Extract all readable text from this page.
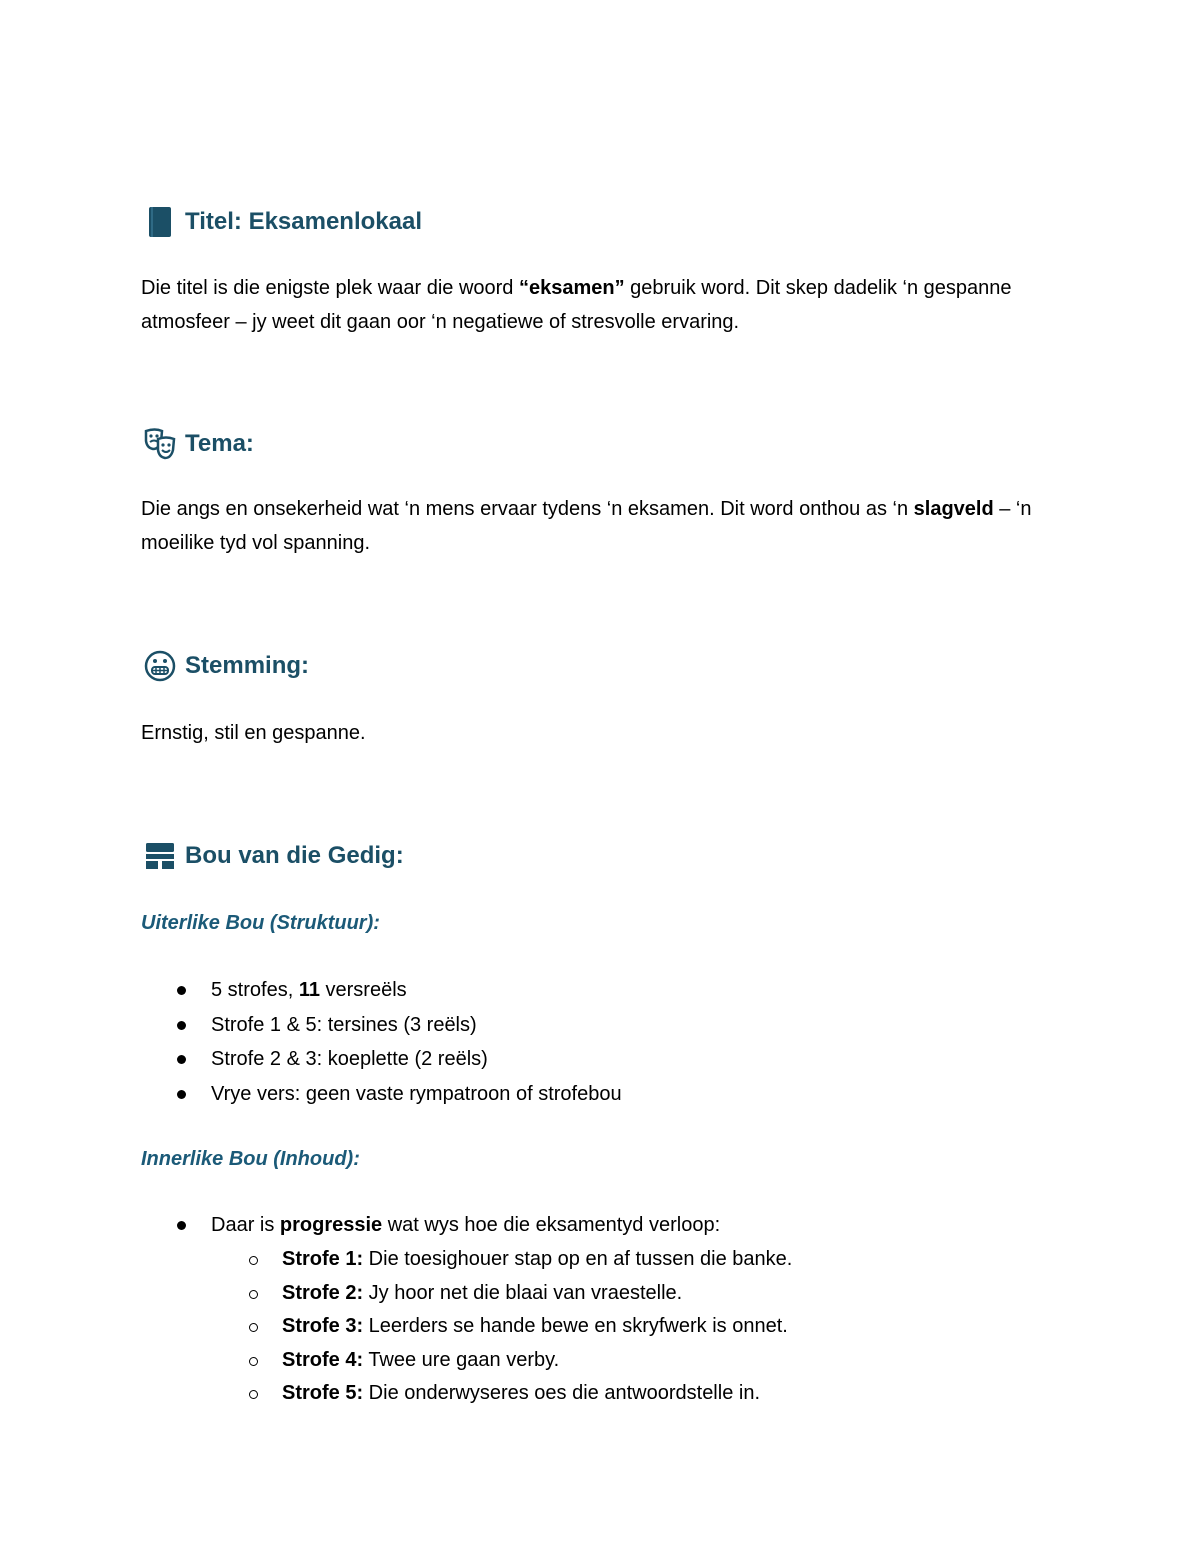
Titel: Eksamenlokaal
Die titel is die enigste plek waar die woord “eksamen” gebruik word. Dit skep dadelik ‘n gespanne atmosfeer – jy weet dit gaan oor ‘n negatiewe of stresvolle ervaring.
Tema:
Die angs en onsekerheid wat ‘n mens ervaar tydens ‘n eksamen. Dit word onthou as ‘n slagveld – ‘n moeilike tyd vol spanning.
Stemming:
Ernstig, stil en gespanne.
Bou van die Gedig:
Uiterlike Bou (Struktuur):
5 strofes, 11 versreëls
Strofe 1 & 5: tersines (3 reëls)
Strofe 2 & 3: koeplette (2 reëls)
Vrye vers: geen vaste rympatroon of strofebou
Innerlike Bou (Inhoud):
Daar is progressie wat wys hoe die eksamentyd verloop:
Strofe 1: Die toesighouer stap op en af tussen die banke.
Strofe 2: Jy hoor net die blaai van vraestelle.
Strofe 3: Leerders se hande bewe en skryfwerk is onnet.
Strofe 4: Twee ure gaan verby.
Strofe 5: Die onderwyseres oes die antwoordstelle in.
